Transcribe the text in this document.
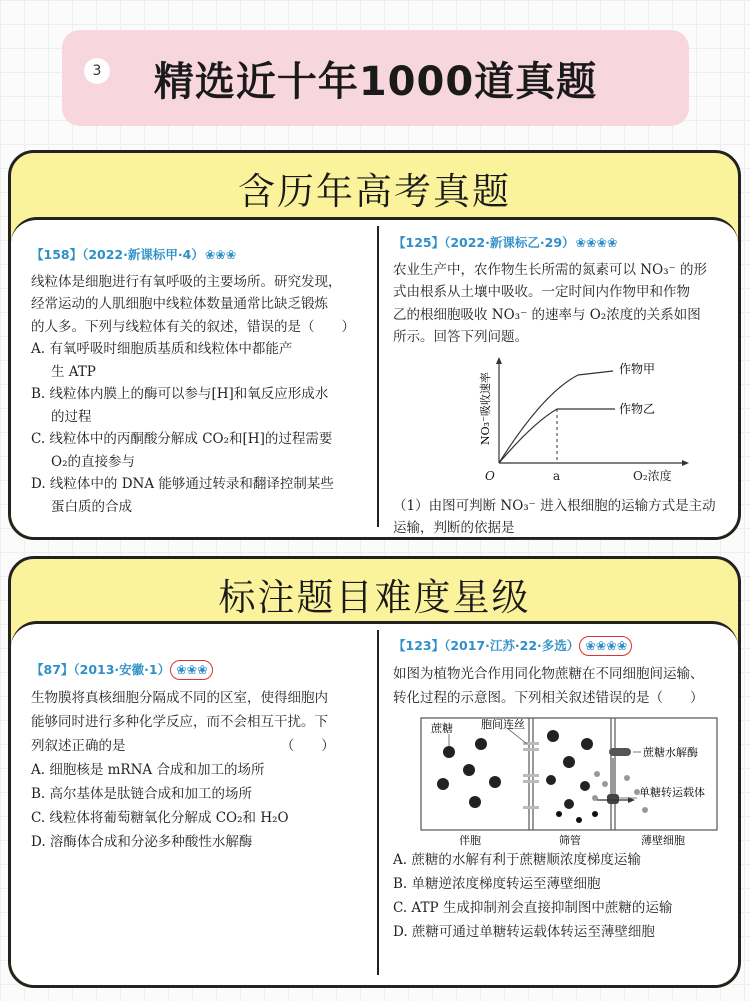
3 精选近十年1000道真题
含历年高考真题
【158】（2022·新课标甲·4）❀❀❀
线粒体是细胞进行有氧呼吸的主要场所。研究发现，
经常运动的人肌细胞中线粒体数量通常比缺乏锻炼
的人多。下列与线粒体有关的叙述，错误的是（　　）
A. 有氧呼吸时细胞质基质和线粒体中都能产
生 ATP
B. 线粒体内膜上的酶可以参与[H]和氧反应形成水
的过程
C. 线粒体中的丙酮酸分解成 CO₂和[H]的过程需要
O₂的直接参与
D. 线粒体中的 DNA 能够通过转录和翻译控制某些
蛋白质的合成
【125】（2022·新课标乙·29）❀❀❀❀
农业生产中，农作物生长所需的氮素可以 NO₃⁻ 的形
式由根系从土壤中吸收。一定时间内作物甲和作物
乙的根细胞吸收 NO₃⁻ 的速率与 O₂浓度的关系如图
所示。回答下列问题。
NO₃⁻吸收速率
作物甲
作物乙
O	a	O₂浓度
（1）由图可判断 NO₃⁻ 进入根细胞的运输方式是主动
运输，判断的依据是
标注题目难度星级
【87】（2013·安徽·1） ❀❀❀
生物膜将真核细胞分隔成不同的区室，使得细胞内
能够同时进行多种化学反应，而不会相互干扰。下
列叙述正确的是　　　　　　　　　　　　（　　）
A. 细胞核是 mRNA 合成和加工的场所
B. 高尔基体是肽链合成和加工的场所
C. 线粒体将葡萄糖氧化分解成 CO₂和 H₂O
D. 溶酶体合成和分泌多种酸性水解酶
【123】（2017·江苏·22·多选） ❀❀❀❀
如图为植物光合作用同化物蔗糖在不同细胞间运输、
转化过程的示意图。下列相关叙述错误的是（　　）
蔗糖	胞间连丝
蔗糖水解酶
单糖转运载体
伴胞	筛管	薄壁细胞
A. 蔗糖的水解有利于蔗糖顺浓度梯度运输
B. 单糖逆浓度梯度转运至薄壁细胞
C. ATP 生成抑制剂会直接抑制图中蔗糖的运输
D. 蔗糖可通过单糖转运载体转运至薄壁细胞
